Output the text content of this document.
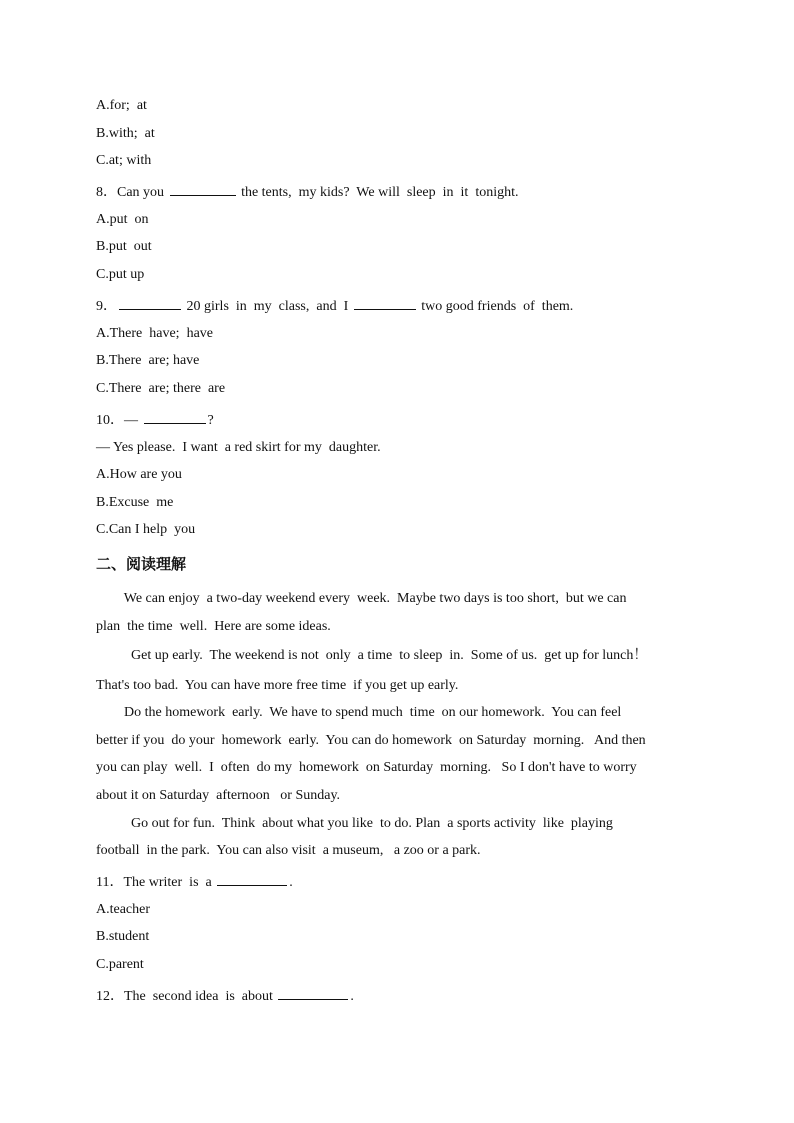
A.for;  at
B.with;  at
C.at; with
8．Can you	the tents,  my kids?  We will  sleep  in  it  tonight.
A.put  on
B.put  out
C.put up
9．	20 girls  in  my  class,  and  I	two good friends  of  them.
A.There  have;  have
B.There  are; have
C.There  are; there  are
10．—	?
— Yes please.  I want  a red skirt for my  daughter.
A.How are you
B.Excuse  me
C.Can I help  you
二、阅读理解
We can enjoy  a two-day weekend every  week.  Maybe two days is too short,  but we can
plan  the time  well.  Here are some ideas.
Get up early.  The weekend is not  only  a time  to sleep  in.  Some of us.  get up for lunch！
That's too bad.  You can have more free time  if you get up early.
Do the homework  early.  We have to spend much  time  on our homework.  You can feel
better if you  do your  homework  early.  You can do homework  on Saturday  morning.   And then
you can play  well.  I  often  do my  homework  on Saturday  morning.   So I don't have to worry
about it on Saturday  afternoon   or Sunday.
Go out for fun.  Think  about what you like  to do. Plan  a sports activity  like  playing
football  in the park.  You can also visit  a museum,   a zoo or a park.
11．The writer  is  a	.
A.teacher
B.student
C.parent
12．The  second idea  is  about	.
